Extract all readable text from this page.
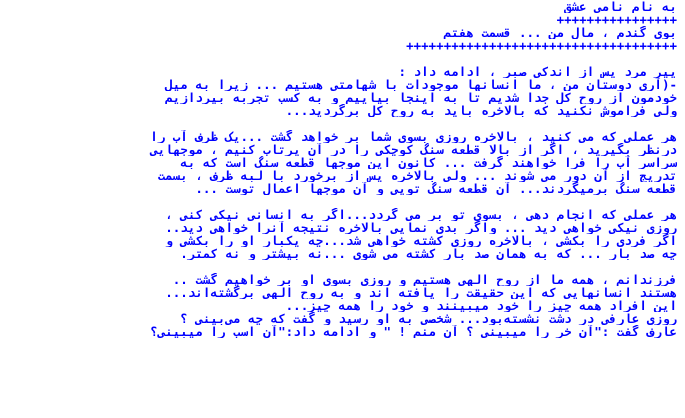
به نام نامی عشق
++++++++++++++++
بوی گندم ، مال من ... قسمت هفتم
++++++++++++++++++++++++++++++++++++
پیر مرد پس از اندکی صبر ، ادامه داد :
-(آری دوستان من ، ما انسانها موجودات با شهامتی هستیم ... زیرا به میل
خودمون از روح کل جدا شدیم تا به اینجا بیاییم و به کسب تجربه بپردازیم
ولی فراموش نکنید که بالاخره باید به روح کل برگردید...
هر عملی که می کنید ، بالاخره روزی بسوی شما بر خواهد گشت ...یک ظرف آب را
درنظر بگیرید ، اگر از بالا قطعه سنگ کوچکی را در آن پرتاب کنیم ، موجهایی
سراسر آب را فرا خواهند گرفت ... کانون این موجها قطعه سنگ است که به
تدریج از آن دور می شوند ... ولی بالاخره پس از برخورد با لبه ظرف ، بسمت
قطعه سنگ برمیگردند... آن قطعه سنگ تویی و آن موجها اعمال توست ...
هر عملی که انجام دهی ، بسوی تو بر می گردد...اگر به انسانی نیکی کنی ،
روزی نیکی خواهی دید ... واگر بدی نمایی بالاخره نتیجه آنرا خواهی دید..
اگر فردی را بکشی ، بالاخره روزی کشته خواهی شد...چه یکبار او را بکشی و
چه صد بار ... که به همان صد بار کشته می شوی ...نه بیشتر و نه کمتر.
فرزندانم ، همه ما از روح الهی هستیم و روزی بسوی او بر خواهیم گشت ..
هستند انسانهایی که این حقیقت را یافته اند و به روح الهی برگشته‌اند...
این افراد همه چیز را خود میبینند و خود را همه چیز...
روزی عارفی در دشت نشسته‌بود... شخصی به او رسید و گفت که چه می‌بینی ؟
عارف گفت :"آن خر را میبینی ؟ آن منم ! " و ادامه داد:"آن اسب را میبینی؟
